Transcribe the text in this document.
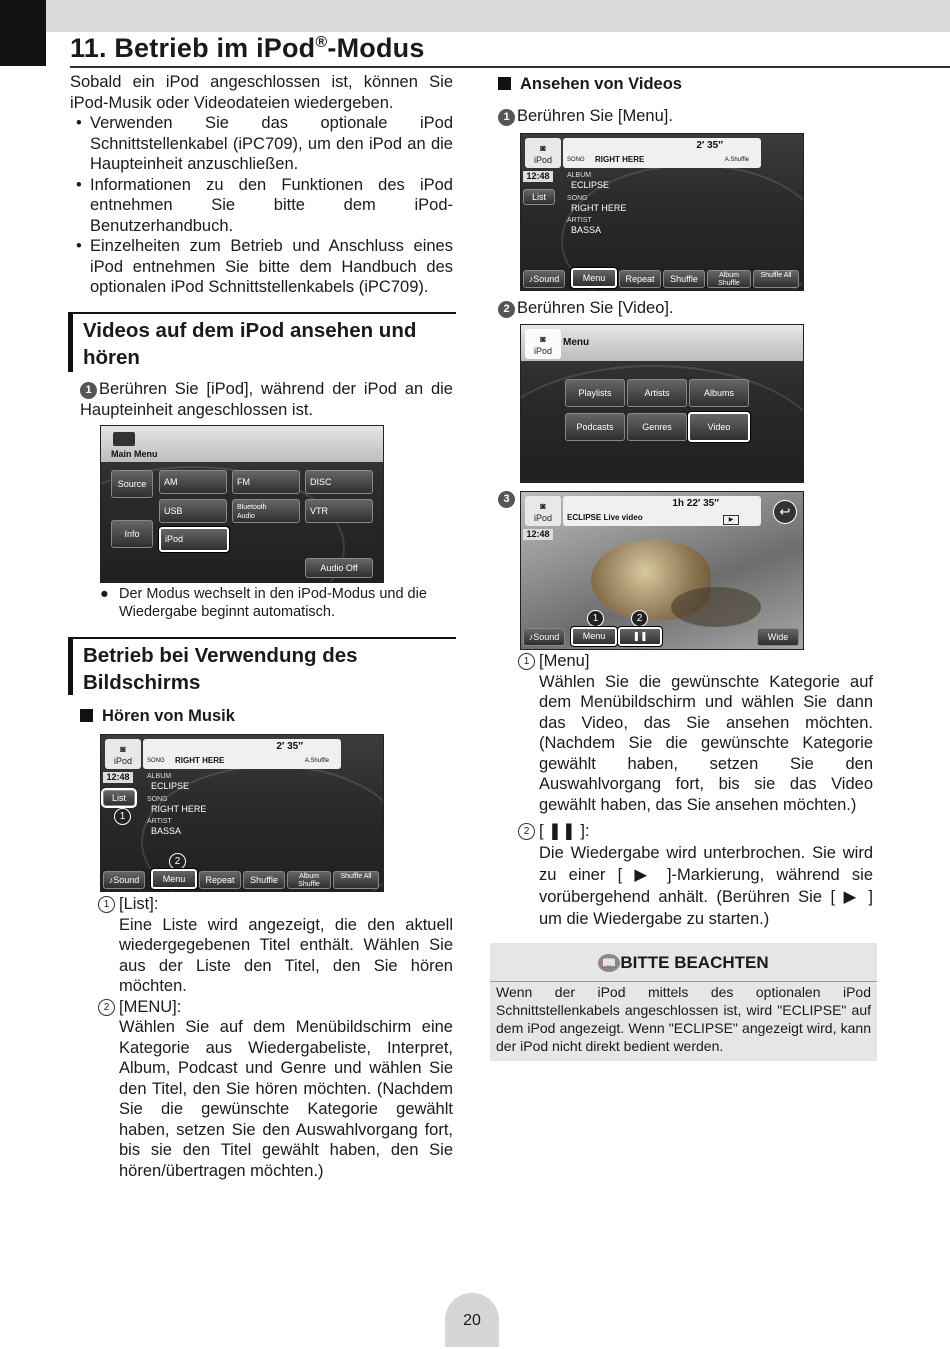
11. Betrieb im iPod®-Modus
Sobald ein iPod angeschlossen ist, können Sie iPod-Musik oder Videodateien wiedergeben.
• Verwenden Sie das optionale iPod Schnittstellenkabel (iPC709), um den iPod an die Haupteinheit anzuschließen.
• Informationen zu den Funktionen des iPod entnehmen Sie bitte dem iPod-Benutzerhandbuch.
• Einzelheiten zum Betrieb und Anschluss eines iPod entnehmen Sie bitte dem Handbuch des optionalen iPod Schnittstellenkabels (iPC709).
Videos auf dem iPod ansehen und hören
1 Berühren Sie [iPod], während der iPod an die Haupteinheit angeschlossen ist.
Main Menu
Source
Info
AM	FM	DISC
USB	Bluetooth Audio
VTR
iPod
Audio Off
● Der Modus wechselt in den iPod-Modus und die Wiedergabe beginnt automatisch.
Betrieb bei Verwendung des Bildschirms
Hören von Musik
◙
iPod
2′ 35″
SONG RIGHT HERE	A.Shuffle
12:48
List
1
ALBUM
ECLIPSE
SONG
RIGHT HERE
ARTIST
BASSA
2
♪Sound	Menu	Repeat	Shuffle	Album Shuffle
Shuffle All
1 [List]:
Eine Liste wird angezeigt, die den aktuell wiedergegebenen Titel enthält. Wählen Sie aus der Liste den Titel, den Sie hören möchten.
2 [MENU]:
Wählen Sie auf dem Menübildschirm eine Kategorie aus Wiedergabeliste, Interpret, Album, Podcast und Genre und wählen Sie den Titel, den Sie hören möchten. (Nachdem Sie die gewünschte Kategorie gewählt haben, setzen Sie den Auswahlvorgang fort, bis sie den Titel gewählt haben, den Sie hören/übertragen möchten.)
Ansehen von Videos
1 Berühren Sie [Menu].
◙
iPod
2′ 35″
SONG RIGHT HERE	A.Shuffle
12:48
List
ALBUM
ECLIPSE
SONG
RIGHT HERE
ARTIST
BASSA
♪Sound	Menu	Repeat	Shuffle	Album Shuffle
Shuffle All
2 Berühren Sie [Video].
◙
iPod
Menu
Playlists	Artists	Albums
Podcasts	Genres	Video
3
◙
iPod
1h 22′ 35″
ECLIPSE Live video	▶
↩
12:48
1	2
♪Sound	Menu	❚❚	Wide
1 [Menu]
Wählen Sie die gewünschte Kategorie auf dem Menübildschirm und wählen Sie dann das Video, das Sie ansehen möchten. (Nachdem Sie die gewünschte Kategorie gewählt haben, setzen Sie den Auswahlvorgang fort, bis sie das Video gewählt haben, das Sie ansehen möchten.)
2 [ ❚❚ ]:
Die Wiedergabe wird unterbrochen. Sie wird zu einer [ ▶ ]-Markierung, während sie vorübergehend anhält. (Berühren Sie [ ▶ ] um die Wiedergabe zu starten.)
📖 BITTE BEACHTEN
Wenn der iPod mittels des optionalen iPod Schnittstellenkabels angeschlossen ist, wird "ECLIPSE" auf dem iPod angezeigt. Wenn "ECLIPSE" angezeigt wird, kann der iPod nicht direkt bedient werden.
20
